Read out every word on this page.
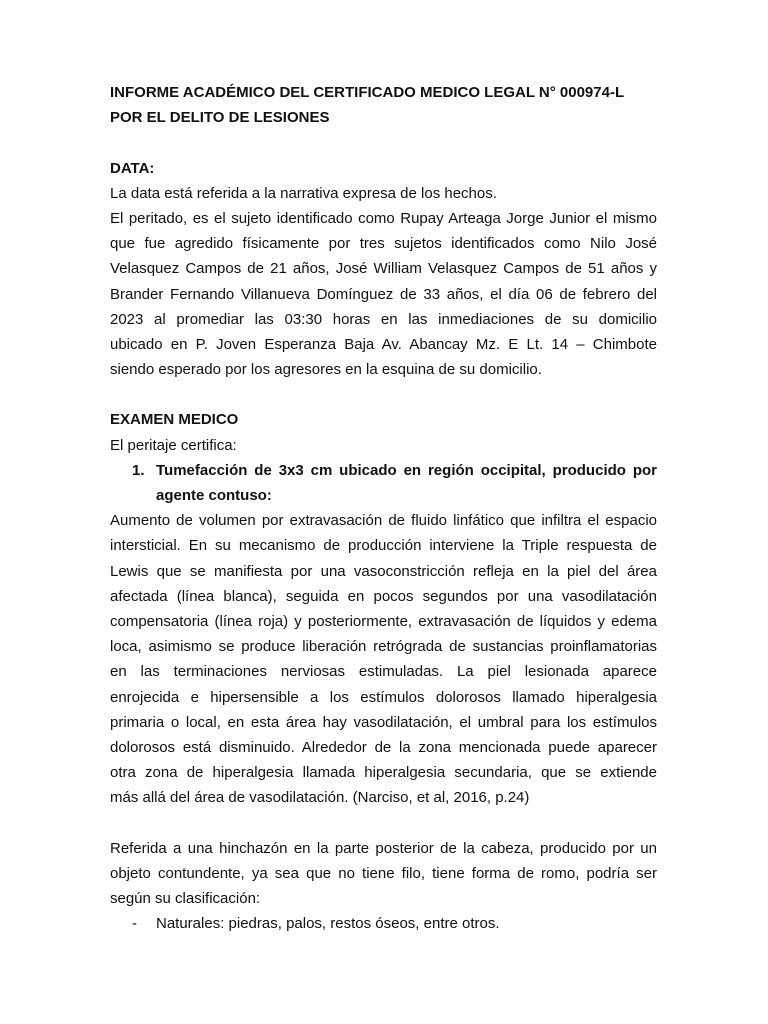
INFORME ACADÉMICO DEL CERTIFICADO MEDICO LEGAL N° 000974-L
POR EL DELITO DE LESIONES
DATA:
La data está referida a la narrativa expresa de los hechos.
El peritado, es el sujeto identificado como Rupay Arteaga Jorge Junior el mismo
que fue agredido físicamente por tres sujetos identificados como Nilo José
Velasquez Campos de 21 años, José William Velasquez Campos de 51 años y
Brander Fernando Villanueva Domínguez de 33 años, el día 06 de febrero del
2023 al promediar las 03:30 horas en las inmediaciones de su domicilio
ubicado en P. Joven Esperanza Baja Av. Abancay Mz. E Lt. 14 – Chimbote
siendo esperado por los agresores en la esquina de su domicilio.
EXAMEN MEDICO
El peritaje certifica:
1. Tumefacción de 3x3 cm ubicado en región occipital, producido por
agente contuso:
Aumento de volumen por extravasación de fluido linfático que infiltra el espacio
intersticial. En su mecanismo de producción interviene la Triple respuesta de
Lewis que se manifiesta por una vasoconstricción refleja en la piel del área
afectada (línea blanca), seguida en pocos segundos por una vasodilatación
compensatoria (línea roja) y posteriormente, extravasación de líquidos y edema
loca, asimismo se produce liberación retrógrada de sustancias proinflamatorias
en las terminaciones nerviosas estimuladas. La piel lesionada aparece
enrojecida e hipersensible a los estímulos dolorosos llamado hiperalgesia
primaria o local, en esta área hay vasodilatación, el umbral para los estímulos
dolorosos está disminuido. Alrededor de la zona mencionada puede aparecer
otra zona de hiperalgesia llamada hiperalgesia secundaria, que se extiende
más allá del área de vasodilatación. (Narciso, et al, 2016, p.24)
Referida a una hinchazón en la parte posterior de la cabeza, producido por un
objeto contundente, ya sea que no tiene filo, tiene forma de romo, podría ser
según su clasificación:
-	Naturales: piedras, palos, restos óseos, entre otros.
